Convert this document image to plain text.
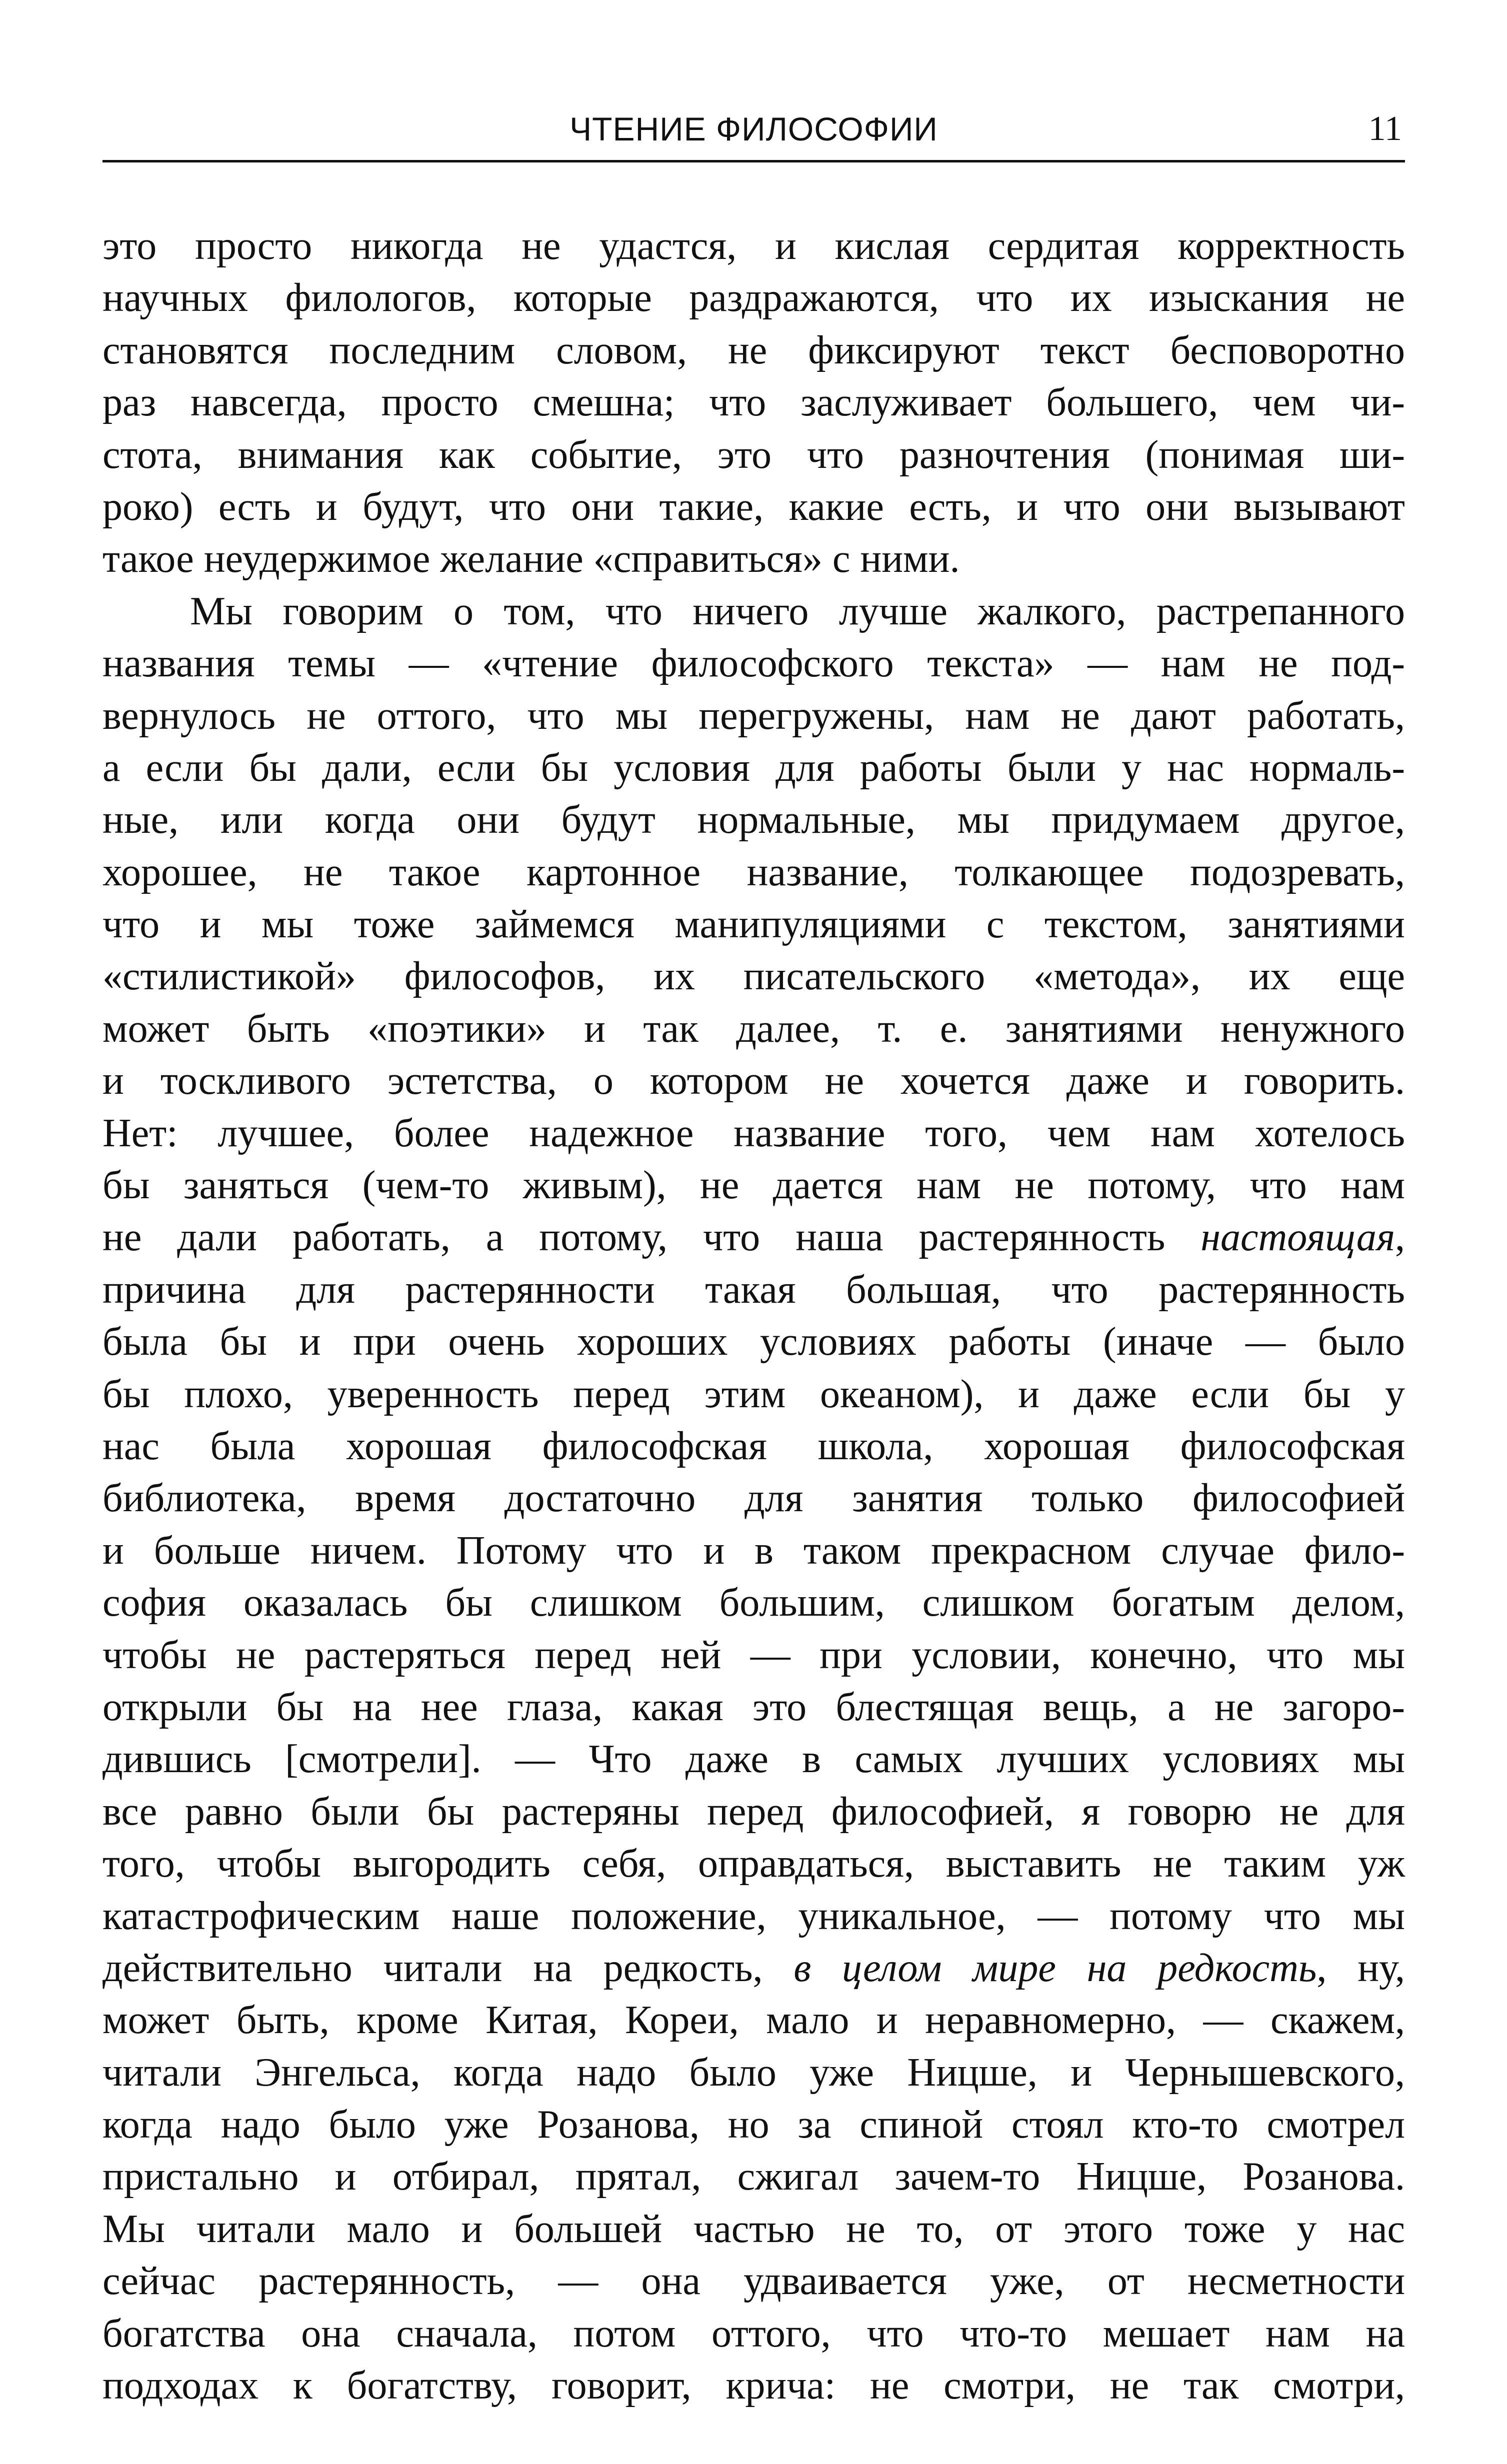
ЧТЕНИЕ ФИЛОСОФИИ	11
это просто никогда не удастся, и кислая сердитая корректность
научных филологов, которые раздражаются, что их изыскания не
становятся последним словом, не фиксируют текст бесповоротно
раз навсегда, просто смешна; что заслуживает большего, чем чи-
стота, внимания как событие, это что разночтения (понимая ши-
роко) есть и будут, что они такие, какие есть, и что они вызывают
такое неудержимое желание «справиться» с ними.
Мы говорим о том, что ничего лучше жалкого, растрепанного
названия темы — «чтение философского текста» — нам не под-
вернулось не оттого, что мы перегружены, нам не дают работать,
а если бы дали, если бы условия для работы были у нас нормаль-
ные, или когда они будут нормальные, мы придумаем другое,
хорошее, не такое картонное название, толкающее подозревать,
что и мы тоже займемся манипуляциями с текстом, занятиями
«стилистикой» философов, их писательского «метода», их еще
может быть «поэтики» и так далее, т. е. занятиями ненужного
и тоскливого эстетства, о котором не хочется даже и говорить.
Нет: лучшее, более надежное название того, чем нам хотелось
бы заняться (чем-то живым), не дается нам не потому, что нам
не дали работать, а потому, что наша растерянность настоящая,
причина для растерянности такая большая, что растерянность
была бы и при очень хороших условиях работы (иначе — было
бы плохо, уверенность перед этим океаном), и даже если бы у
нас была хорошая философская школа, хорошая философская
библиотека, время достаточно для занятия только философией
и больше ничем. Потому что и в таком прекрасном случае фило-
софия оказалась бы слишком большим, слишком богатым делом,
чтобы не растеряться перед ней — при условии, конечно, что мы
открыли бы на нее глаза, какая это блестящая вещь, а не загоро-
дившись [смотрели]. — Что даже в самых лучших условиях мы
все равно были бы растеряны перед философией, я говорю не для
того, чтобы выгородить себя, оправдаться, выставить не таким уж
катастрофическим наше положение, уникальное, — потому что мы
действительно читали на редкость, в целом мире на редкость, ну,
может быть, кроме Китая, Кореи, мало и неравномерно, — скажем,
читали Энгельса, когда надо было уже Ницше, и Чернышевского,
когда надо было уже Розанова, но за спиной стоял кто-то смотрел
пристально и отбирал, прятал, сжигал зачем-то Ницше, Розанова.
Мы читали мало и большей частью не то, от этого тоже у нас
сейчас растерянность, — она удваивается уже, от несметности
богатства она сначала, потом оттого, что что-то мешает нам на
подходах к богатству, говорит, крича: не смотри, не так смотри,
